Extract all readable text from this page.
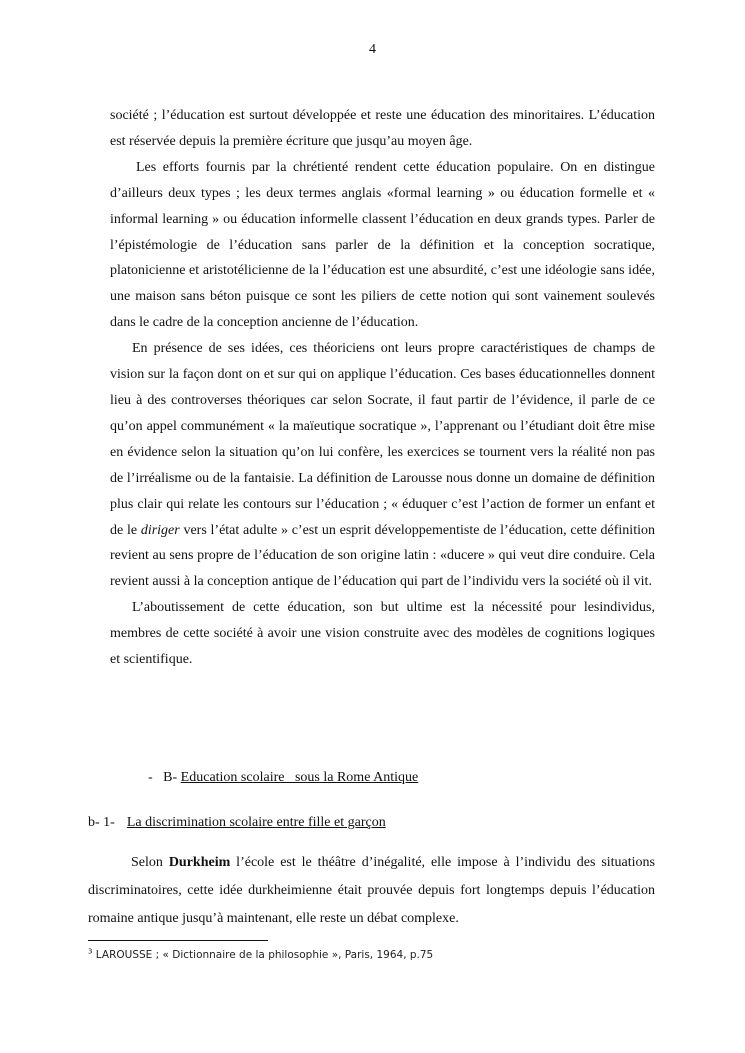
4

société ; l’éducation est surtout développée et reste une éducation des minoritaires. L’éducation est réservée depuis la première écriture que jusqu’au moyen âge.

Les efforts fournis par la chrétienté rendent cette éducation populaire. On en distingue d’ailleurs deux types ; les deux termes anglais «formal learning » ou éducation formelle et « informal learning » ou éducation informelle classent l’éducation en deux grands types. Parler de l’épistémologie de l’éducation sans parler de la définition et la conception socratique, platonicienne et aristotélicienne de la l’éducation est une absurdité, c’est une idéologie sans idée, une maison sans béton puisque ce sont les piliers de cette notion qui sont vainement soulevés dans le cadre de la conception ancienne de l’éducation.

En présence de ses idées, ces théoriciens ont leurs propre caractéristiques de champs de vision sur la façon dont on et sur qui on applique l’éducation. Ces bases éducationnelles donnent lieu à des controverses théoriques car selon Socrate, il faut partir de l’évidence, il parle de ce qu’on appel communément « la maïeutique socratique », l’apprenant ou l’étudiant doit être mise en évidence selon la situation qu’on lui confère, les exercices se tournent vers la réalité non pas de l’irréalisme ou de la fantaisie. La définition de Larousse nous donne un domaine de définition plus clair qui relate les contours sur l’éducation ; « éduquer c’est l’action de former un enfant et de le diriger vers l’état adulte » c’est un esprit développementiste de l’éducation, cette définition revient au sens propre de l’éducation de son origine latin : «ducere » qui veut dire conduire. Cela revient aussi à la conception antique de l’éducation qui part de l’individu vers la société où il vit.

L’aboutissement de cette éducation, son but ultime est la nécessité pour lesindividus, membres de cette société à avoir une vision construite avec des modèles de cognitions logiques et scientifique.

-   B- Education scolaire   sous la Rome Antique
b- 1- La discrimination scolaire entre fille et garçon

Selon Durkheim l’école est le théâtre d’inégalité, elle impose à l’individu des situations discriminatoires, cette idée durkheimienne était prouvée depuis fort longtemps depuis l’éducation romaine antique jusqu’à maintenant, elle reste un débat complexe.

$^3$ LAROUSSE ; « Dictionnaire de la philosophie », Paris, 1964, p.75
